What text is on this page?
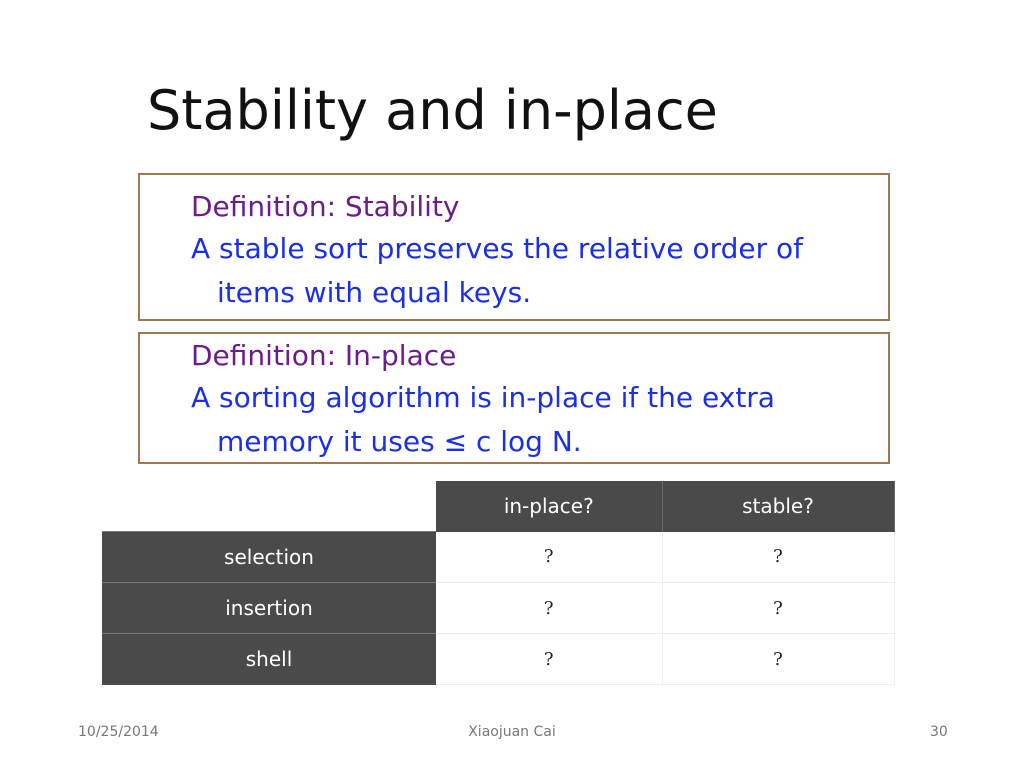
Stability and in-place
Definition: Stability
A stable sort preserves the relative order of items with equal keys.
Definition: In-place
A sorting algorithm is in-place if the extra memory it uses ≤ c log N.
	in-place?	stable?
selection	?	?
insertion	?	?
shell	?	?
10/25/2014	Xiaojuan Cai	30
